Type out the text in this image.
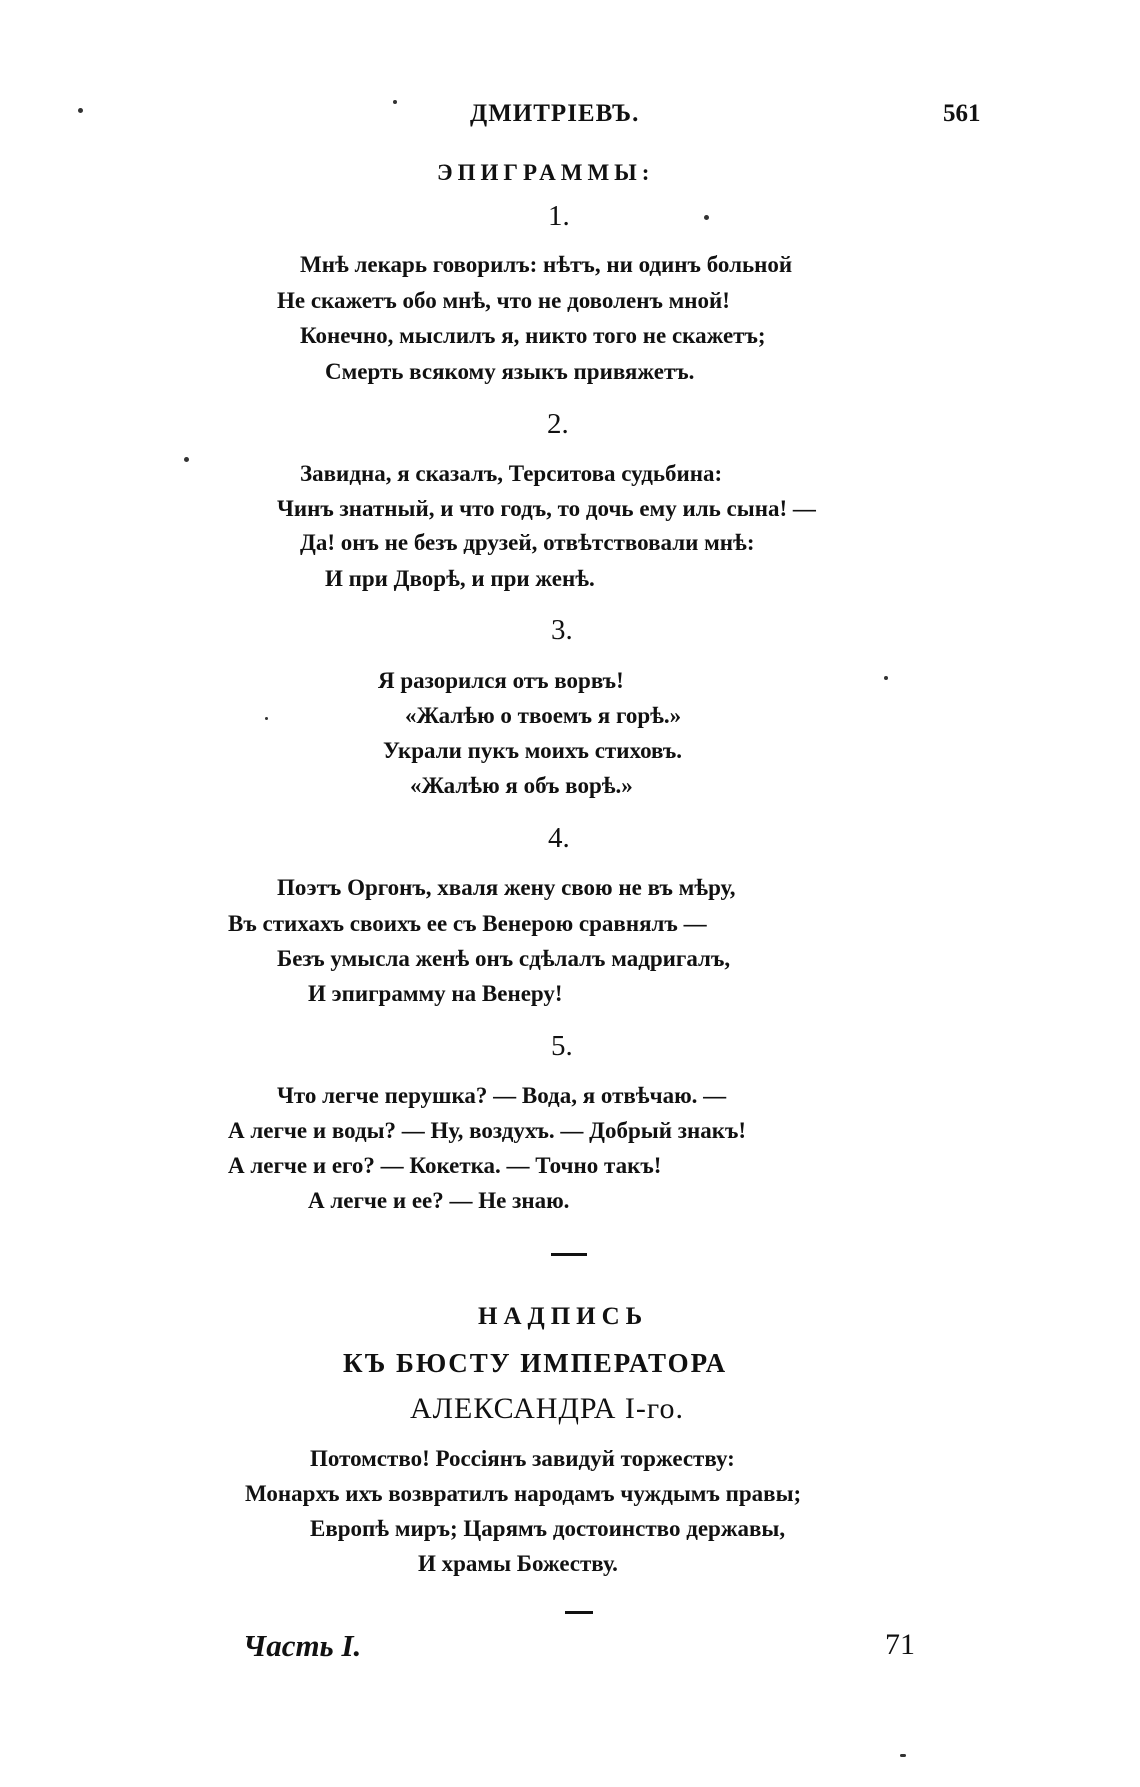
ДМИТРІЕВЪ.	561
ЭПИГРАММЫ:
1.
Мнѣ лекарь говорилъ: нѣтъ, ни одинъ больной
Не скажетъ обо мнѣ, что не доволенъ мной!
Конечно, мыслилъ я, никто того не скажетъ;
Смерть всякому языкъ привяжетъ.
2.
Завидна, я сказалъ, Терситова судьбина:
Чинъ знатный, и что годъ, то дочь ему иль сына! —
Да! онъ не безъ друзей, отвѣтствовали мнѣ:
И при Дворѣ, и при женѣ.
3.
Я разорился отъ ворвъ!
«Жалѣю о твоемъ я горѣ.»
Украли пукъ моихъ стиховъ.
«Жалѣю я объ ворѣ.»
4.
Поэтъ Оргонъ, хваля жену свою не въ мѣру,
Въ стихахъ своихъ ее съ Венерою сравнялъ —
Безъ умысла женѣ онъ сдѣлалъ мадригалъ,
И эпиграмму на Венеру!
5.
Что легче перушка? — Вода, я отвѣчаю. —
А легче и воды? — Ну, воздухъ. — Добрый знакъ!
А легче и его? — Кокетка. — Точно такъ!
А легче и ее? — Не знаю.
НАДПИСЬ
КЪ БЮСТУ ИМПЕРАТОРА
АЛЕКСАНДРА I-го.
Потомство! Россіянъ завидуй торжеству:
Монархъ ихъ возвратилъ народамъ чуждымъ правы;
Европѣ миръ; Царямъ достоинство державы,
И храмы Божеству.
Часть I.	71
